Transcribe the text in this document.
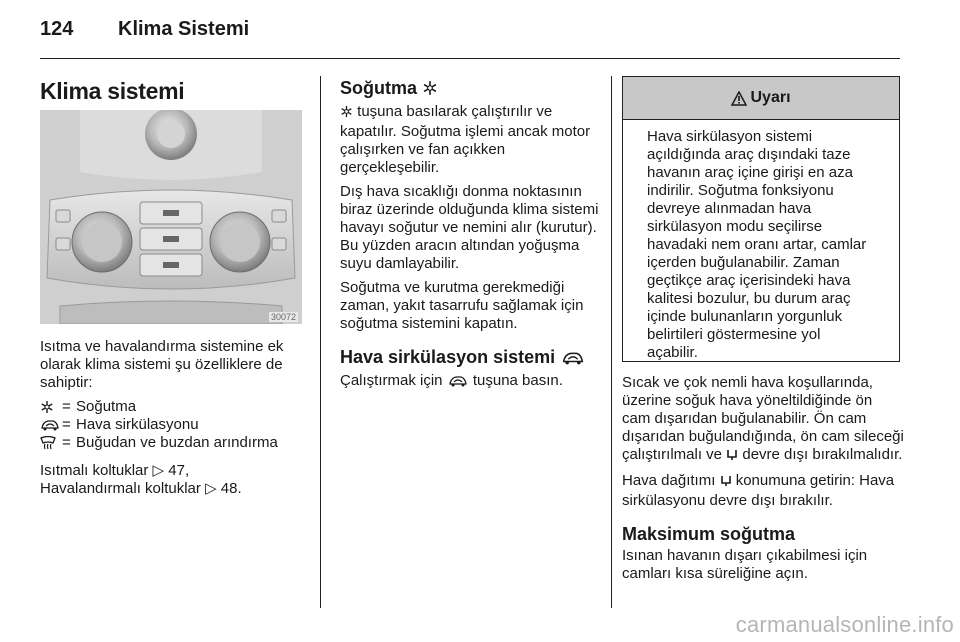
124 Klima Sistemi
Klima sistemi
30072

Isıtma ve havalandırma sistemine ek olarak klima sistemi şu özelliklere de sahiptir:

= Soğutma
= Hava sirkülasyonu
= Buğudan ve buzdan arındırma

Isıtmalı koltuklar ▷ 47,

Havalandırmalı koltuklar ▷ 48.

Soğutma

tuşuna basılarak çalıştırılır ve kapatılır. Soğutma işlemi ancak motor çalışırken ve fan açıkken gerçekleşebilir.

Dış hava sıcaklığı donma noktasının biraz üzerinde olduğunda klima sistemi havayı soğutur ve nemini alır (kurutur). Bu yüzden aracın altından yoğuşma suyu damlayabilir.

Soğutma ve kurutma gerekmediği zaman, yakıt tasarrufu sağlamak için soğutma sistemini kapatın.

Hava sirkülasyon sistemi

Çalıştırmak için  tuşuna basın.

Uyarı
Hava sirkülasyon sistemi açıldığında araç dışındaki taze havanın araç içine girişi en aza indirilir. Soğutma fonksiyonu devreye alınmadan hava sirkülasyon modu seçilirse havadaki nem oranı artar, camlar içerden buğulanabilir. Zaman geçtikçe araç içerisindeki hava kalitesi bozulur, bu durum araç içinde bulunanların yorgunluk belirtileri göstermesine yol açabilir.

Sıcak ve çok nemli hava koşullarında, üzerine soğuk hava yöneltildiğinde ön cam dışarıdan buğulanabilir. Ön cam dışarıdan buğulandığında, ön cam sileceği çalıştırılmalı ve  devre dışı bırakılmalıdır.

Hava dağıtımı  konumuna getirin: Hava sirkülasyonu devre dışı bırakılır.

Maksimum soğutma

Isınan havanın dışarı çıkabilmesi için camları kısa süreliğine açın.

carmanualsonline.info
